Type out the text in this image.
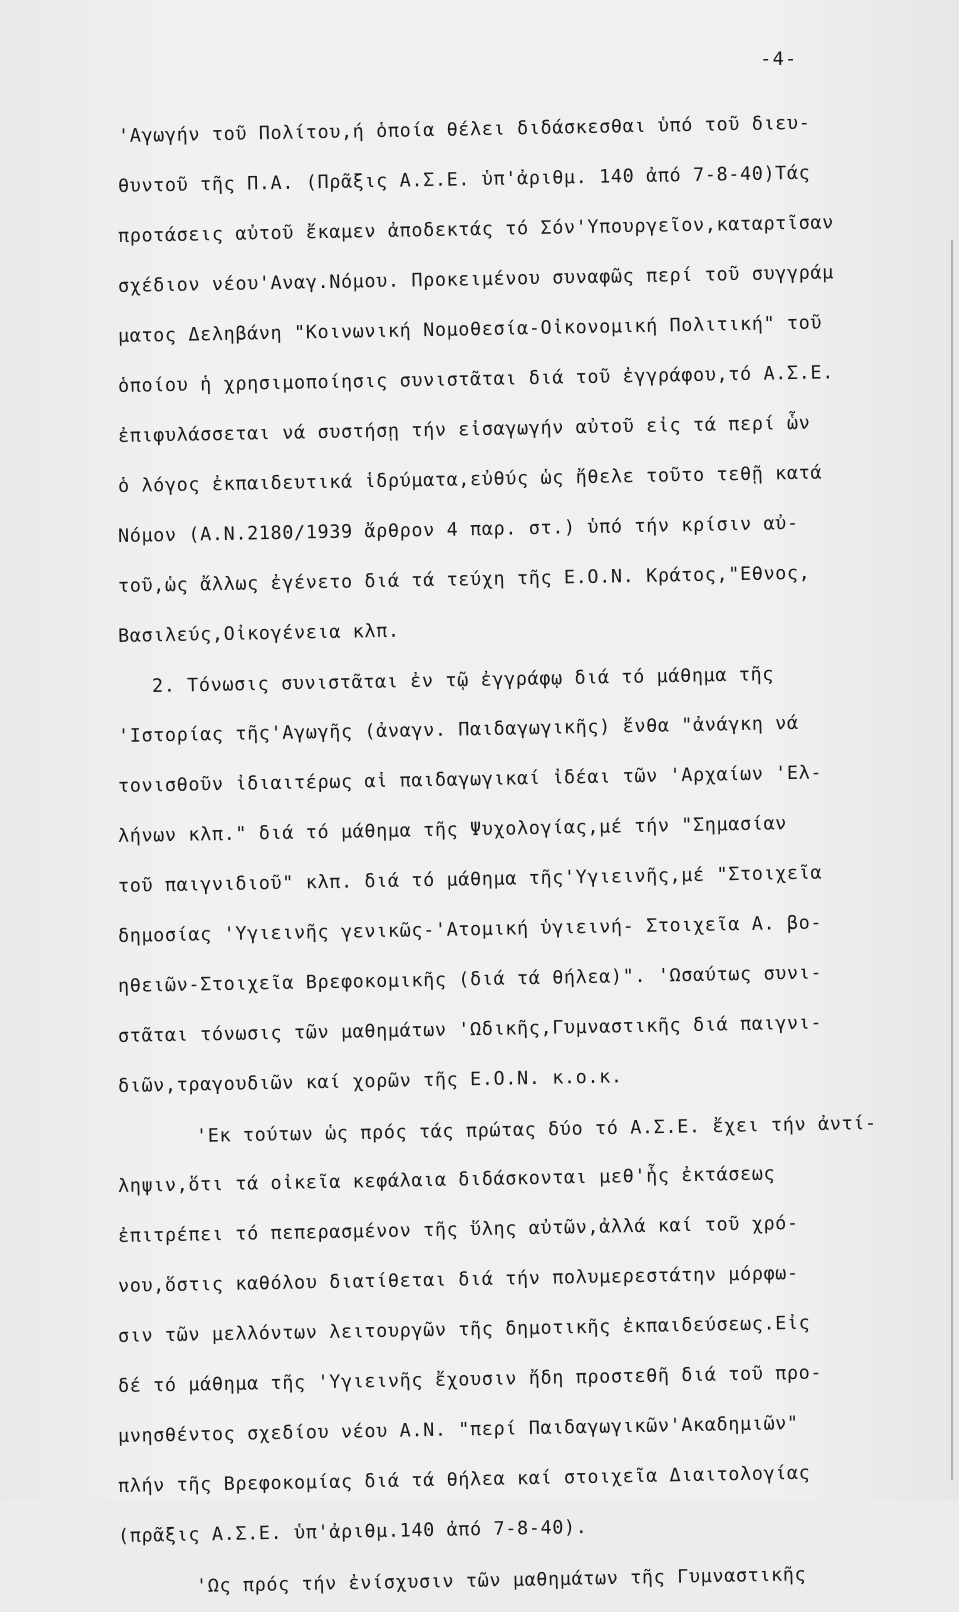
-4-
'Αγωγήν τοῦ Πολίτου,ή ὁποία θέλει διδάσκεσθαι ὑπό τοῦ διευ-
θυντοῦ τῆς Π.Α. (Πρᾶξις Α.Σ.Ε. ὑπ'ἀριθμ. 140 ἀπό 7-8-40)Τάς
προτάσεις αὐτοῦ ἔκαμεν ἀποδεκτάς τό Σόν'Υπουργεῖον,καταρτῖσαν
σχέδιον νέου'Αναγ.Νόμου. Προκειμένου συναφῶς περί τοῦ συγγράμ
ματος Δεληβάνη "Κοινωνική Νομοθεσία-Οἰκονομική Πολιτική" τοῦ
ὁποίου ἡ χρησιμοποίησις συνιστᾶται διά τοῦ ἐγγράφου,τό Α.Σ.Ε.
ἐπιφυλάσσεται νά συστήσῃ τήν εἰσαγωγήν αὐτοῦ εἰς τά περί ὧν
ὁ λόγος ἐκπαιδευτικά ἱδρύματα,εὐθύς ὡς ἤθελε τοῦτο τεθῇ κατά
Νόμον (Α.Ν.2180/1939 ἄρθρον 4 παρ. στ.) ὑπό τήν κρίσιν αὐ-
τοῦ,ὡς ἄλλως ἐγένετο διά τά τεύχη τῆς Ε.Ο.Ν. Κράτος,"Εθνος,
Βασιλεύς,Οἰκογένεια κλπ.
2. Τόνωσις συνιστᾶται ἐν τῷ ἐγγράφῳ διά τό μάθημα τῆς
'Ιστορίας τῆς'Αγωγῆς (ἀναγν. Παιδαγωγικῆς) ἔνθα "ἀνάγκη νά
τονισθοῦν ἰδιαιτέρως αἱ παιδαγωγικαί ἰδέαι τῶν 'Αρχαίων 'Ελ-
λήνων κλπ." διά τό μάθημα τῆς Ψυχολογίας,μέ τήν "Σημασίαν
τοῦ παιγνιδιοῦ" κλπ. διά τό μάθημα τῆς'Υγιεινῆς,μέ "Στοιχεῖα
δημοσίας 'Υγιεινῆς γενικῶς-'Ατομική ὑγιεινή- Στοιχεῖα Α. βο-
ηθειῶν-Στοιχεῖα Βρεφοκομικῆς (διά τά θήλεα)". 'Ωσαύτως συνι-
στᾶται τόνωσις τῶν μαθημάτων 'Ωδικῆς,Γυμναστικῆς διά παιγνι-
διῶν,τραγουδιῶν καί χορῶν τῆς Ε.Ο.Ν. κ.ο.κ.
'Εκ τούτων ὡς πρός τάς πρώτας δύο τό Α.Σ.Ε. ἔχει τήν ἀντί-
ληψιν,ὅτι τά οἰκεῖα κεφάλαια διδάσκονται μεθ'ἧς ἐκτάσεως
ἐπιτρέπει τό πεπερασμένον τῆς ὕλης αὐτῶν,ἀλλά καί τοῦ χρό-
νου,ὅστις καθόλου διατίθεται διά τήν πολυμερεστάτην μόρφω-
σιν τῶν μελλόντων λειτουργῶν τῆς δημοτικῆς ἐκπαιδεύσεως.Εἰς
δέ τό μάθημα τῆς 'Υγιεινῆς ἔχουσιν ἤδη προστεθῆ διά τοῦ προ-
μνησθέντος σχεδίου νέου Α.Ν. "περί Παιδαγωγικῶν'Ακαδημιῶν"
πλήν τῆς Βρεφοκομίας διά τά θήλεα καί στοιχεῖα Διαιτολογίας
(πρᾶξις Α.Σ.Ε. ὑπ'ἀριθμ.140 ἀπό 7-8-40).
'Ως πρός τήν ἐνίσχυσιν τῶν μαθημάτων τῆς Γυμναστικῆς
